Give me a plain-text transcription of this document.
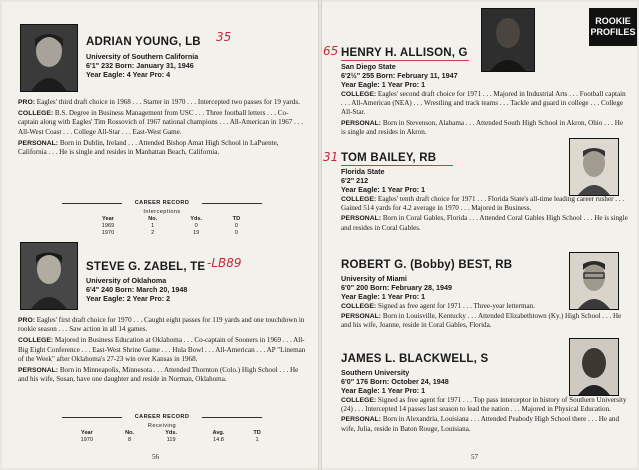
ADRIAN YOUNG, LB 35
University of Southern California
6'1" 232 Born: January 31, 1946
Year Eagle: 4 Year Pro: 4
PRO: Eagles' third draft choice in 1968 . . . Starter in 1970 . . . Intercepted two passes for 19 yards.
COLLEGE: B.S. Degree in Business Management from USC . . . Three football letters . . . Co-captain along with Eagles' Tim Rossovich of 1967 national champions . . . All-American in 1967 . . . All-West Coast . . . College All-Star . . . East-West Game.
PERSONAL: Born in Dublin, Ireland . . . Attended Bishop Amat High School in LaPuente, California . . . He is single and resides in Manhattan Beach, California.
CAREER RECORD
Interceptions
Year	No.	Yds.	TD
1969	1	0	0
1970	2	19	0
STEVE G. ZABEL, TE -LB89
University of Oklahoma
6'4" 240 Born: March 20, 1948
Year Eagle: 2 Year Pro: 2
PRO: Eagles' first draft choice for 1970 . . . Caught eight passes for 119 yards and one touchdown in rookie season . . . Saw action in all 14 games.
COLLEGE: Majored in Business Education at Oklahoma . . . Co-captain of Sooners in 1969 . . . All-Big Eight Conference . . . East-West Shrine Game . . . Hula Bowl . . . All-American . . . AP "Lineman of the Week" after Oklahoma's 27-23 win over Kansas in 1968.
PERSONAL: Born in Minneapolis, Minnesota . . . Attended Thornton (Colo.) High School . . . He and his wife, Susan, have one daughter and reside in Norman, Oklahoma.
CAREER RECORD
Receiving
Year	No.	Yds.	Avg.	TD
1970	8	119	14.8	1
56
ROOKIE
PROFILES
65 HENRY H. ALLISON, G
San Diego State
6'2½" 255 Born: February 11, 1947
Year Eagle: 1 Year Pro: 1
COLLEGE: Eagles' second draft choice for 1971 . . . Majored in Industrial Arts . . . Football captain . . . All-American (NEA) . . . Wrestling and track teams . . . Tackle and guard in college . . . College All-Star.
PERSONAL: Born in Stevenson, Alabama . . . Attended South High School in Akron, Ohio . . . He is single and resides in Akron.
31 TOM BAILEY, RB
Florida State
6'2" 212
Year Eagle: 1 Year Pro: 1
COLLEGE: Eagles' tenth draft choice for 1971 . . . Florida State's all-time leading career rusher . . . Gained 514 yards for 4.2 average in 1970 . . . Majored in Business.
PERSONAL: Born in Coral Gables, Florida . . . Attended Coral Gables High School . . . He is single and resides in Coral Gables.
ROBERT G. (Bobby) BEST, RB
University of Miami
6'0" 200 Born: February 28, 1949
Year Eagle: 1 Year Pro: 1
COLLEGE: Signed as free agent for 1971 . . . Three-year letterman.
PERSONAL: Born in Louisville, Kentucky . . . Attended Elizabethtown (Ky.) High School . . . He and his wife, Joanne, reside in Coral Gables, Florida.
JAMES L. BLACKWELL, S
Southern University
6'0" 176 Born: October 24, 1948
Year Eagle: 1 Year Pro: 1
COLLEGE: Signed as free agent for 1971 . . . Top pass interceptor in history of Southern University (24) . . . Intercepted 14 passes last season to lead the nation . . . Majored in Physical Education.
PERSONAL: Born in Alexandria, Louisiana . . . Attended Peabody High School there . . . He and wife, Julia, reside in Baton Rouge, Louisiana.
57
